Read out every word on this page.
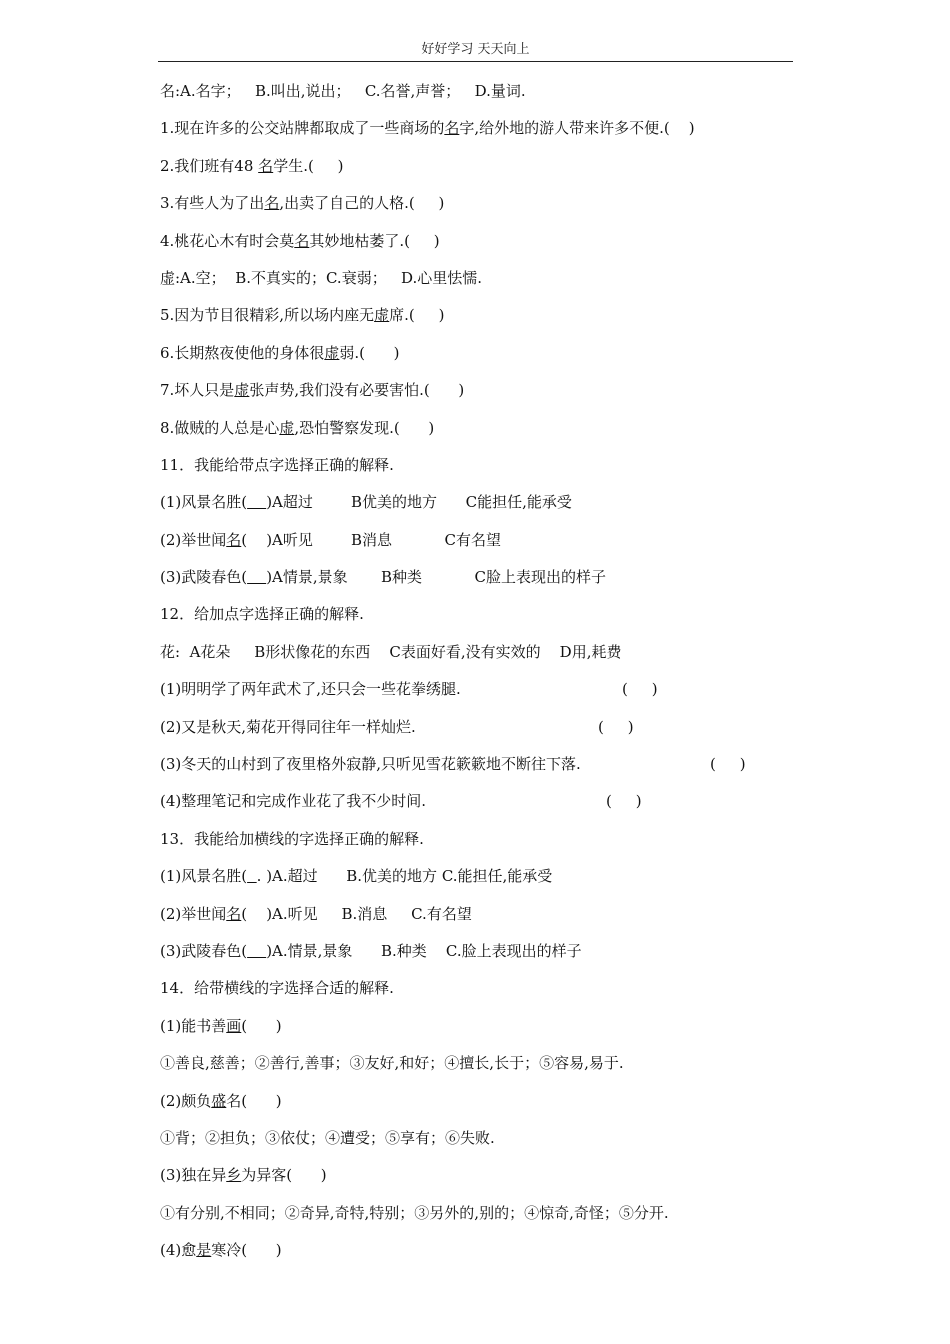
好好学习 天天向上
名:A.名字；   B.叫出,说出；   C.名誉,声誉；   D.量词.
1.现在许多的公交站牌都取成了一些商场的名字,给外地的游人带来许多不便.(    )
2.我们班有48 名学生.(     )
3.有些人为了出名,出卖了自己的人格.(     )
4.桃花心木有时会莫名其妙地枯萎了.(     )
虚:A.空；  B.不真实的；C.衰弱；   D.心里怯懦.
5.因为节目很精彩,所以场内座无虚席.(     )
6.长期熬夜使他的身体很虚弱.(      )
7.坏人只是虚张声势,我们没有必要害怕.(      )
8.做贼的人总是心虚,恐怕警察发现.(      )
11．我能给带点字选择正确的解释.
(1)风景名胜( )A超过        B优美的地方      C能担任,能承受
(2)举世闻名(    )A听见        B消息           C有名望
(3)武陵春色( )A情景,景象       B种类           C脸上表现出的样子
12．给加点字选择正确的解释.
花:  A花朵     B形状像花的东西    C表面好看,没有实效的    D用,耗费
(1)明明学了两年武术了,还只会一些花拳绣腿.	(     )
(2)又是秋天,菊花开得同往年一样灿烂.	(     )
(3)冬天的山村到了夜里格外寂静,只听见雪花簌簌地不断往下落.	(     )
(4)整理笔记和完成作业花了我不少时间.	(     )
13．我能给加横线的字选择正确的解释.
(1)风景名胜( . )A.超过      B.优美的地方 C.能担任,能承受
(2)举世闻名(    )A.听见     B.消息     C.有名望
(3)武陵春色( )A.情景,景象      B.种类    C.脸上表现出的样子
14．给带横线的字选择合适的解释.
(1)能书善画(      )
①善良,慈善；②善行,善事；③友好,和好；④擅长,长于；⑤容易,易于.
(2)颇负盛名(      )
①背；②担负；③依仗；④遭受；⑤享有；⑥失败.
(3)独在异乡为异客(      )
①有分别,不相同；②奇异,奇特,特别；③另外的,别的；④惊奇,奇怪；⑤分开.
(4)愈是寒冷(      )
